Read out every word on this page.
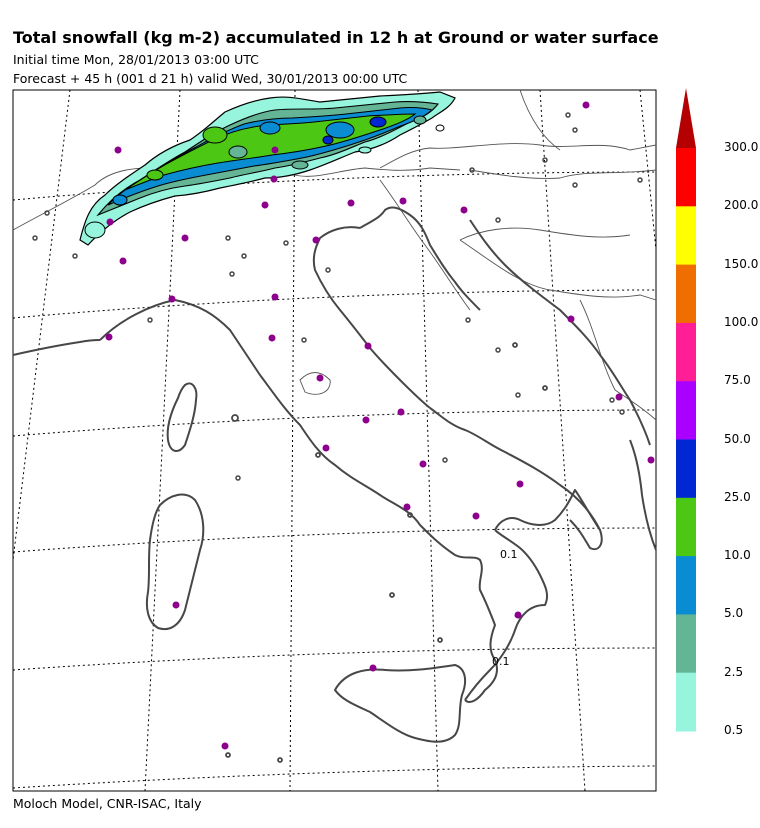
Total snowfall (kg m-2) accumulated in 12 h at Ground or water surface
Initial time Mon, 28/01/2013 03:00 UTC
Forecast + 45 h (001 d 21 h) valid Wed, 30/01/2013 00:00 UTC
0.1
0.1
300.0
200.0
150.0
100.0
75.0
50.0
25.0
10.0
5.0
2.5
0.5
Moloch Model, CNR-ISAC, Italy
